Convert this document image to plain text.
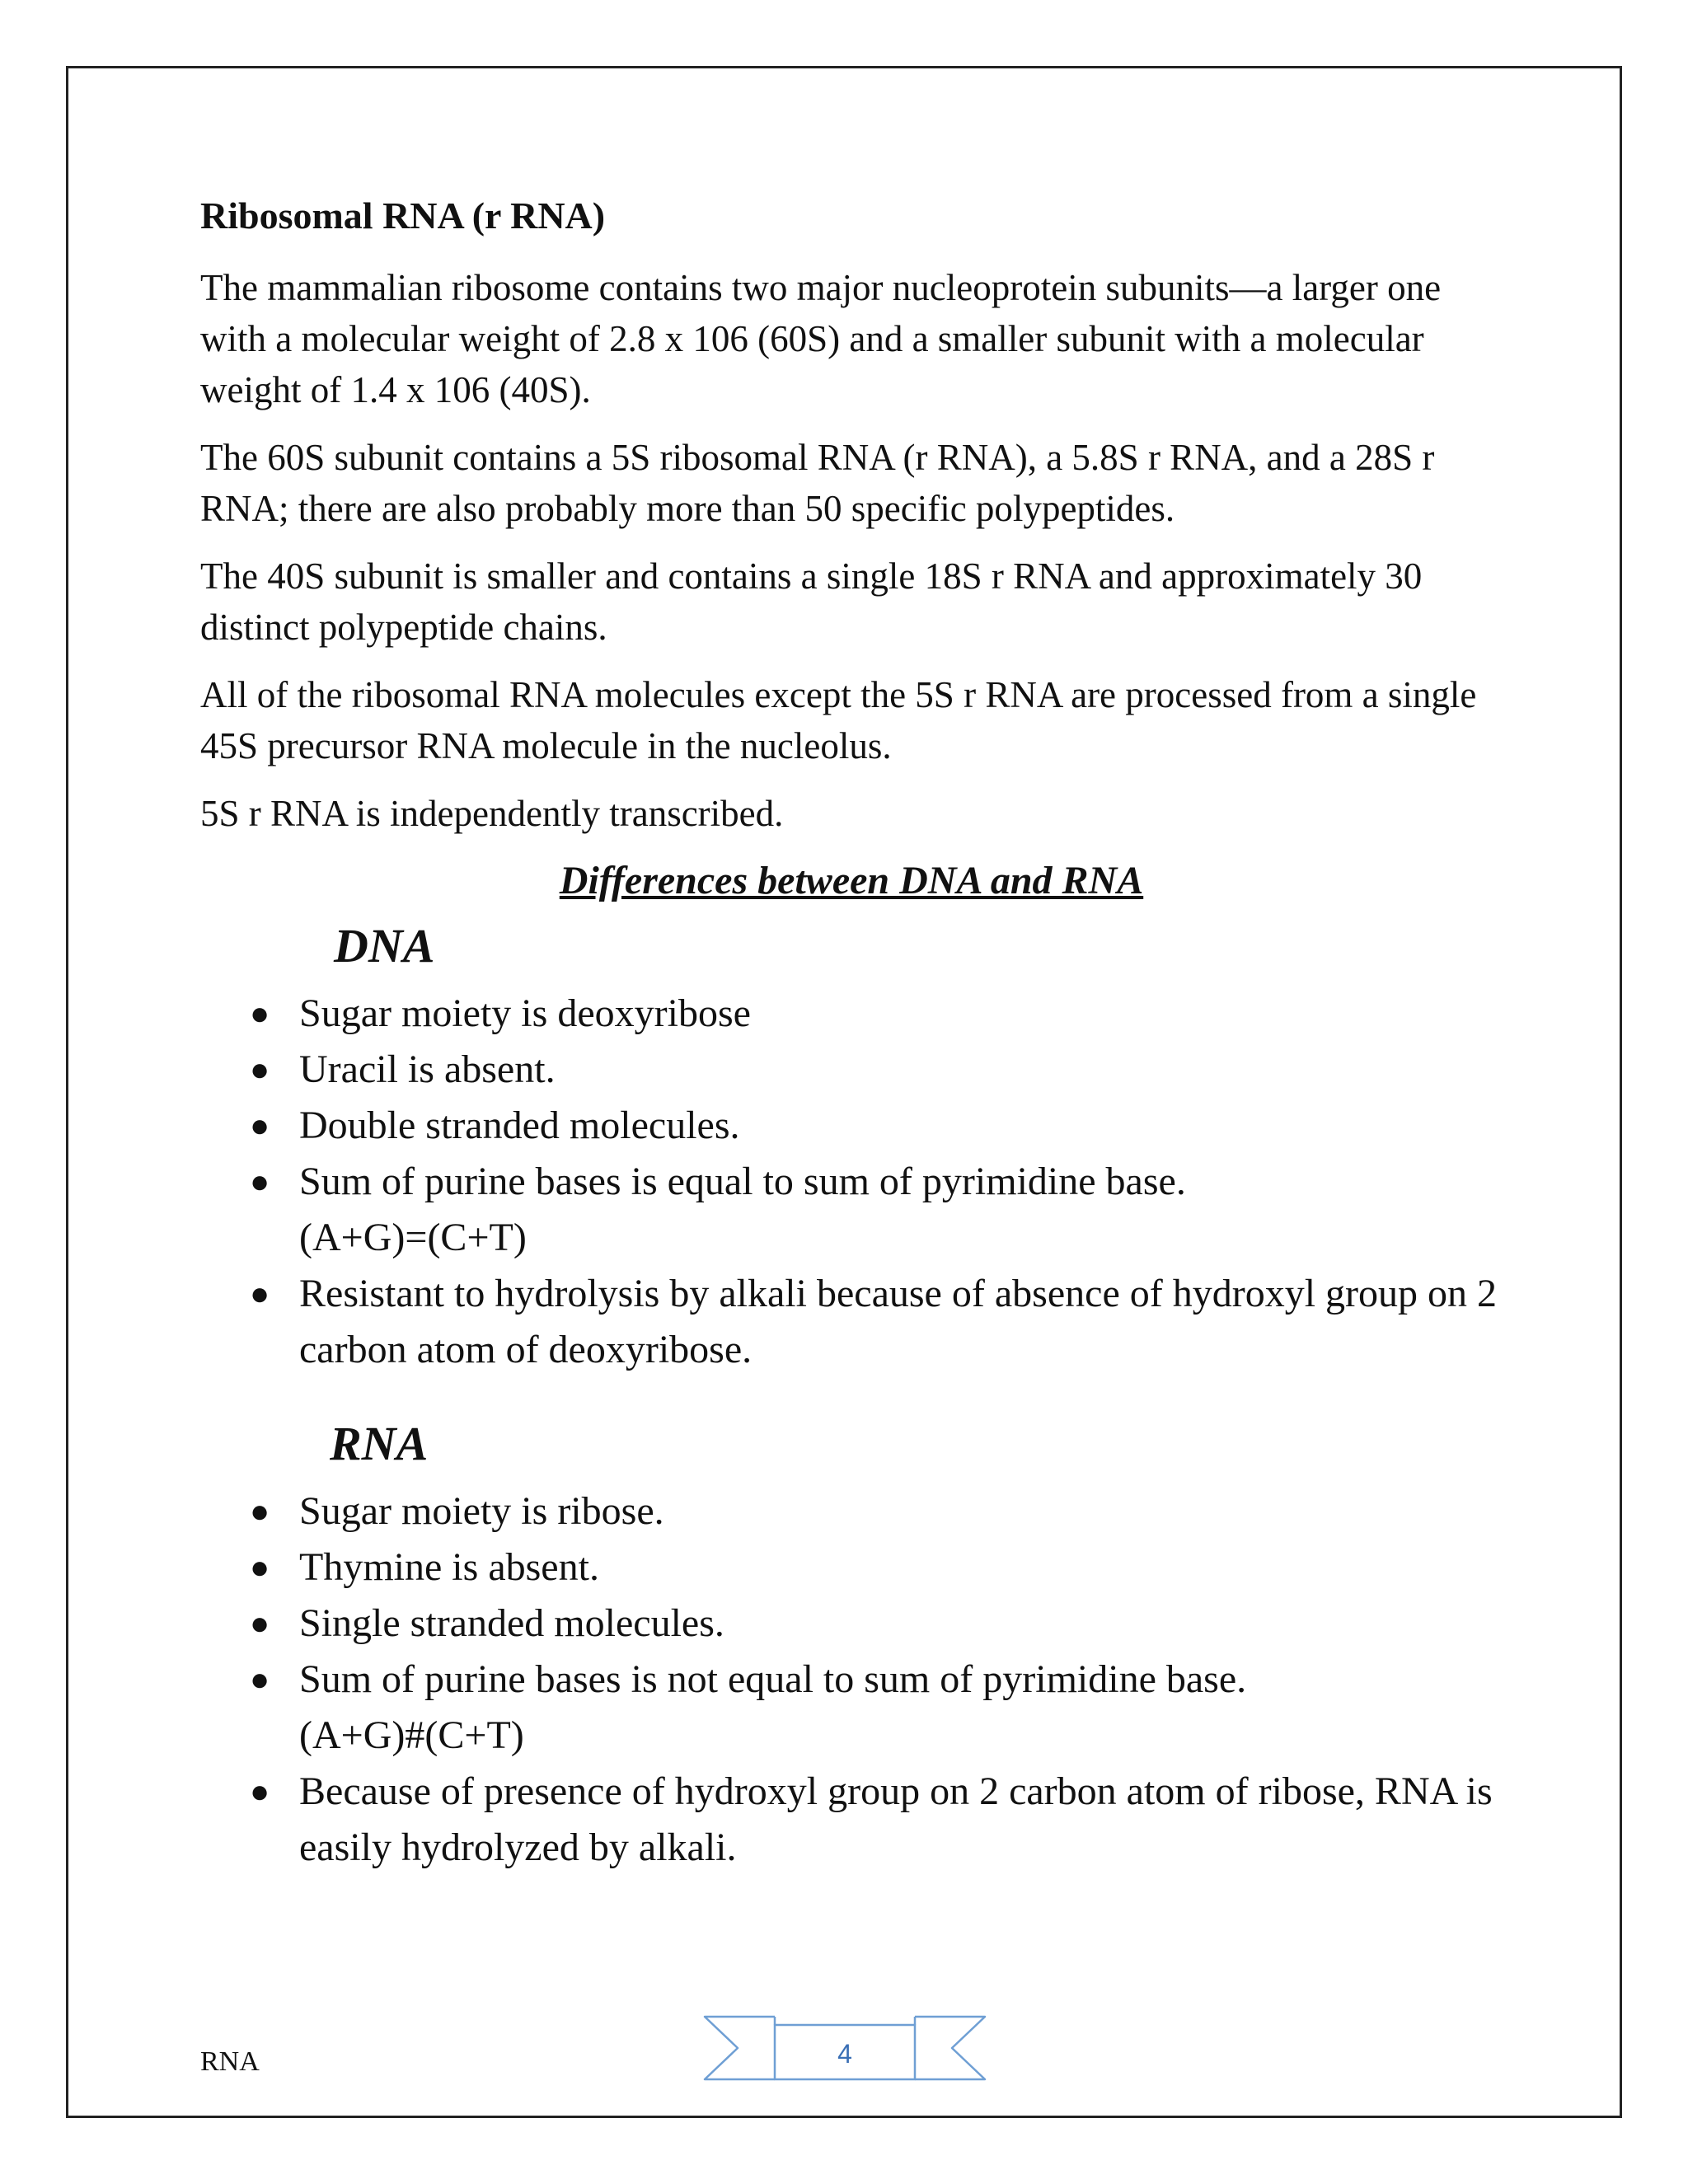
Ribosomal RNA (r RNA)

The mammalian ribosome contains two major nucleoprotein subunits—a larger one with a molecular weight of 2.8 x 106 (60S) and a smaller subunit with a molecular weight of 1.4 x 106 (40S).

The 60S subunit contains a 5S ribosomal RNA (r RNA), a 5.8S r RNA, and a 28S r RNA; there are also probably more than 50 specific polypeptides.

The 40S subunit is smaller and contains a single 18S r RNA and approximately 30 distinct polypeptide chains.

All of the ribosomal RNA molecules except the 5S r RNA are processed from a single 45S precursor RNA molecule in the nucleolus.

5S r RNA is independently transcribed.

Differences between DNA and RNA
DNA
● Sugar moiety is deoxyribose
● Uracil is absent.
● Double stranded molecules.
● Sum of purine bases is equal to sum of pyrimidine base.
(A+G)=(C+T)
● Resistant to hydrolysis by alkali because of absence of hydroxyl group on 2 carbon atom of deoxyribose.
RNA
● Sugar moiety is ribose.
● Thymine is absent.
● Single stranded molecules.
● Sum of purine bases is not equal to sum of pyrimidine base.
(A+G)#(C+T)
● Because of presence of hydroxyl group on 2 carbon atom of ribose, RNA is easily hydrolyzed by alkali.
RNA	4
